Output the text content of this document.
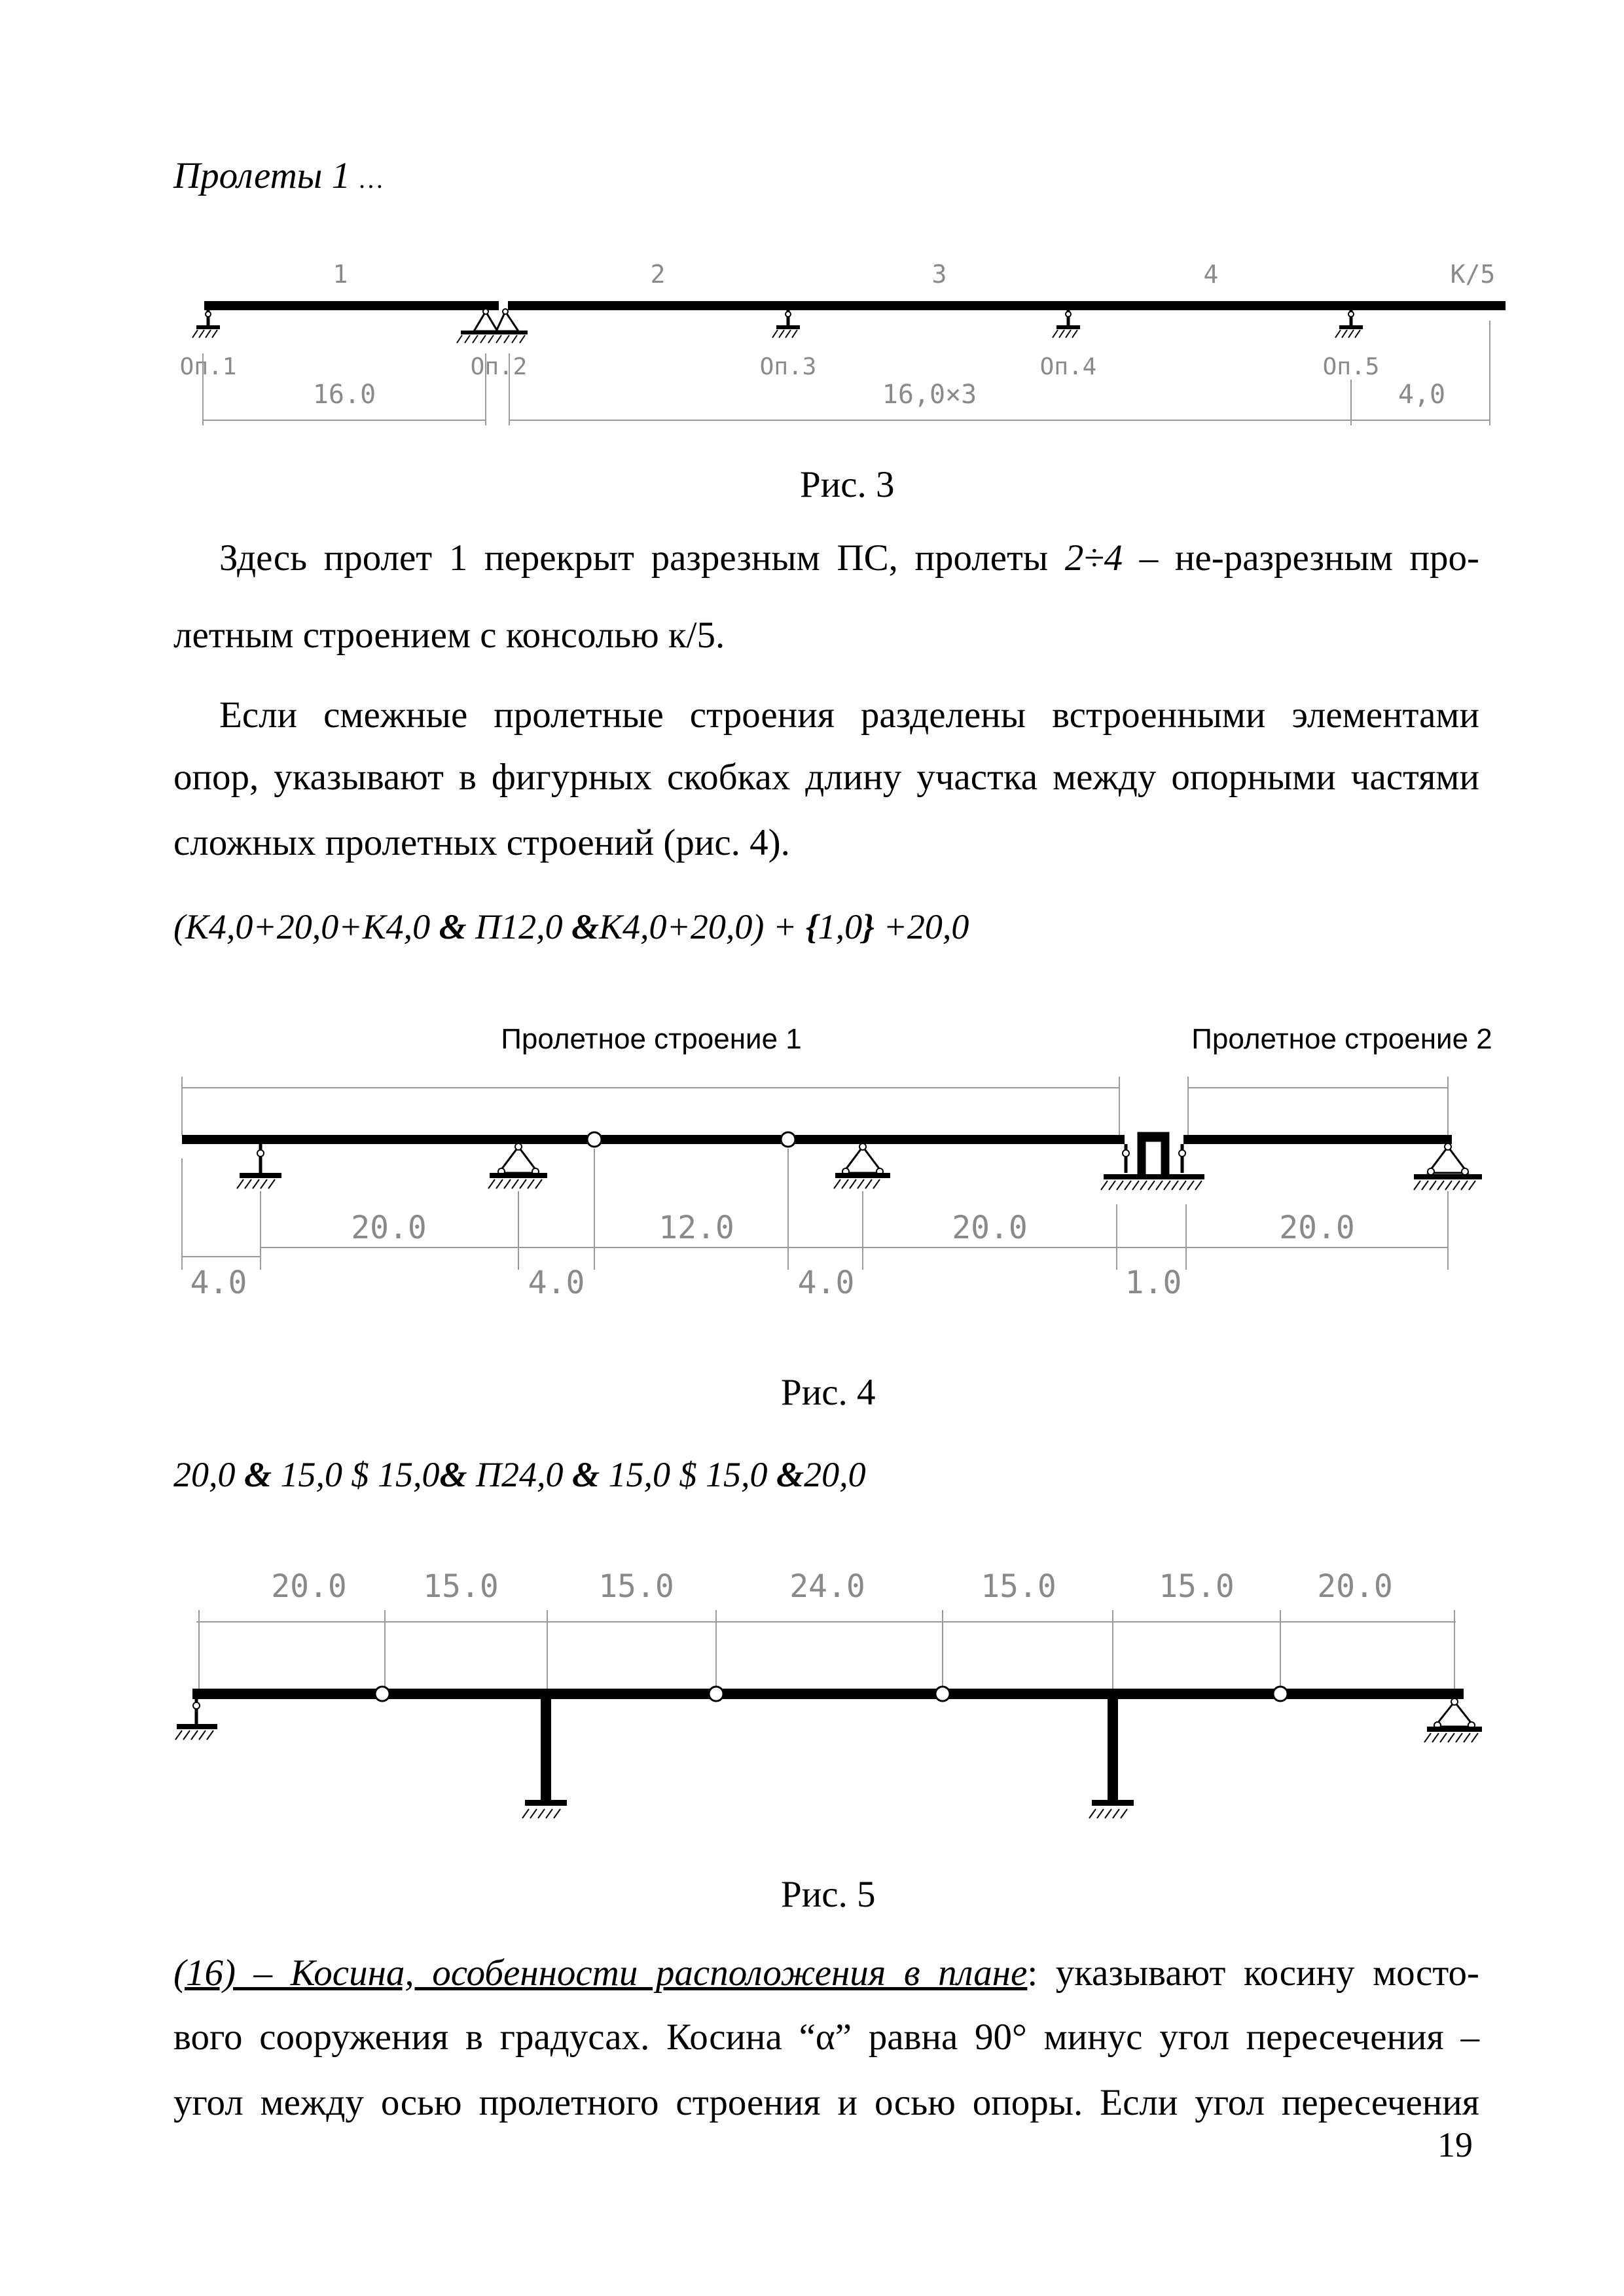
Пролеты 1 …
1	2	3	4	К/5
Оп.1	Оп.2	Оп.3	Оп.4	Оп.5
16.0	16,0×3	4,0
Рис. 3
Здесь пролет 1 перекрыт разрезным ПС, пролеты 2÷4 – не-разрезным про-
летным строением с консолью к/5.
Если смежные пролетные строения разделены встроенными элементами
опор, указывают в фигурных скобках длину участка между опорными частями
сложных пролетных строений (рис. 4).
(К4,0+20,0+К4,0 & П12,0 &К4,0+20,0) + {1,0} +20,0
Пролетное строение 1	Пролетное строение 2
20.0	12.0	20.0	20.0
4.0	4.0	4.0	1.0
Рис. 4
20,0 & 15,0 $ 15,0& П24,0 & 15,0 $ 15,0 &20,0
20.0 15.0	15.0	24.0	15.0	15.0	20.0
Рис. 5
(16) – Косина, особенности расположения в плане: указывают косину мосто-
вого сооружения в градусах. Косина “α” равна 90° минус угол пересечения –
угол между осью пролетного строения и осью опоры. Если угол пересечения
19
